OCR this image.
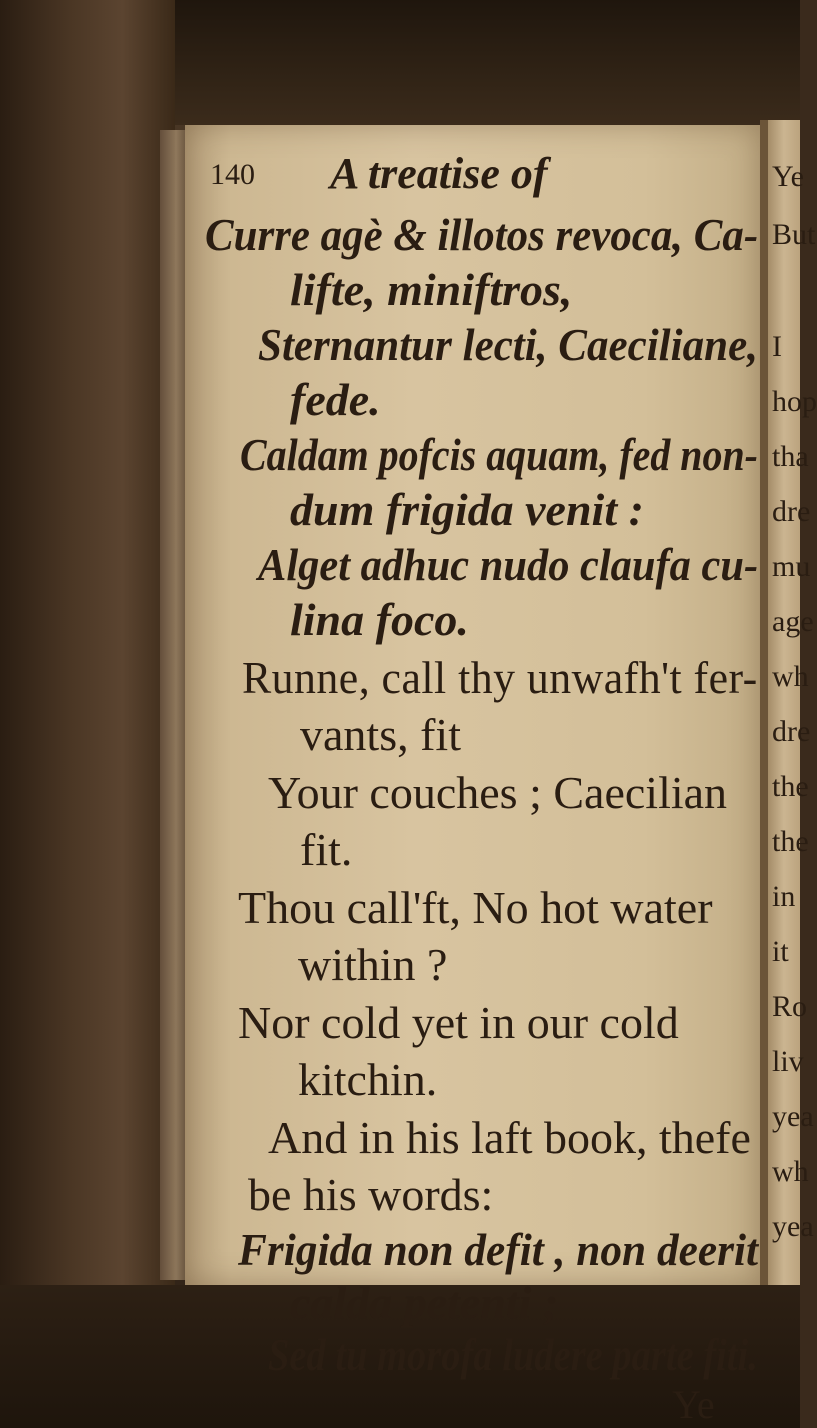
140 A treatise of
Curre agè & illotos revoca, Ca-
lifte, miniftros,
Sternantur lecti, Caeciliane,
fede.
Caldam pofcis aquam, fed non-
dum frigida venit :
Alget adhuc nudo claufa cu-
lina foco.
Runne, call thy unwafh't fer-
vants, fit
Your couches ; Caecilian
fit.
Thou call'ft, No hot water
within ?
Nor cold yet in our cold
kitchin.
And in his laft book, thefe
be his words:
Frigida non defit , non deerit
calda petenti ;
Sed tu morofa ludere parte fiti.
Ye
Ye
But
I
hop
tha
dre
mu
age
wh
dre
the
the
in
it
Ro
liv
yea
wh
yea
